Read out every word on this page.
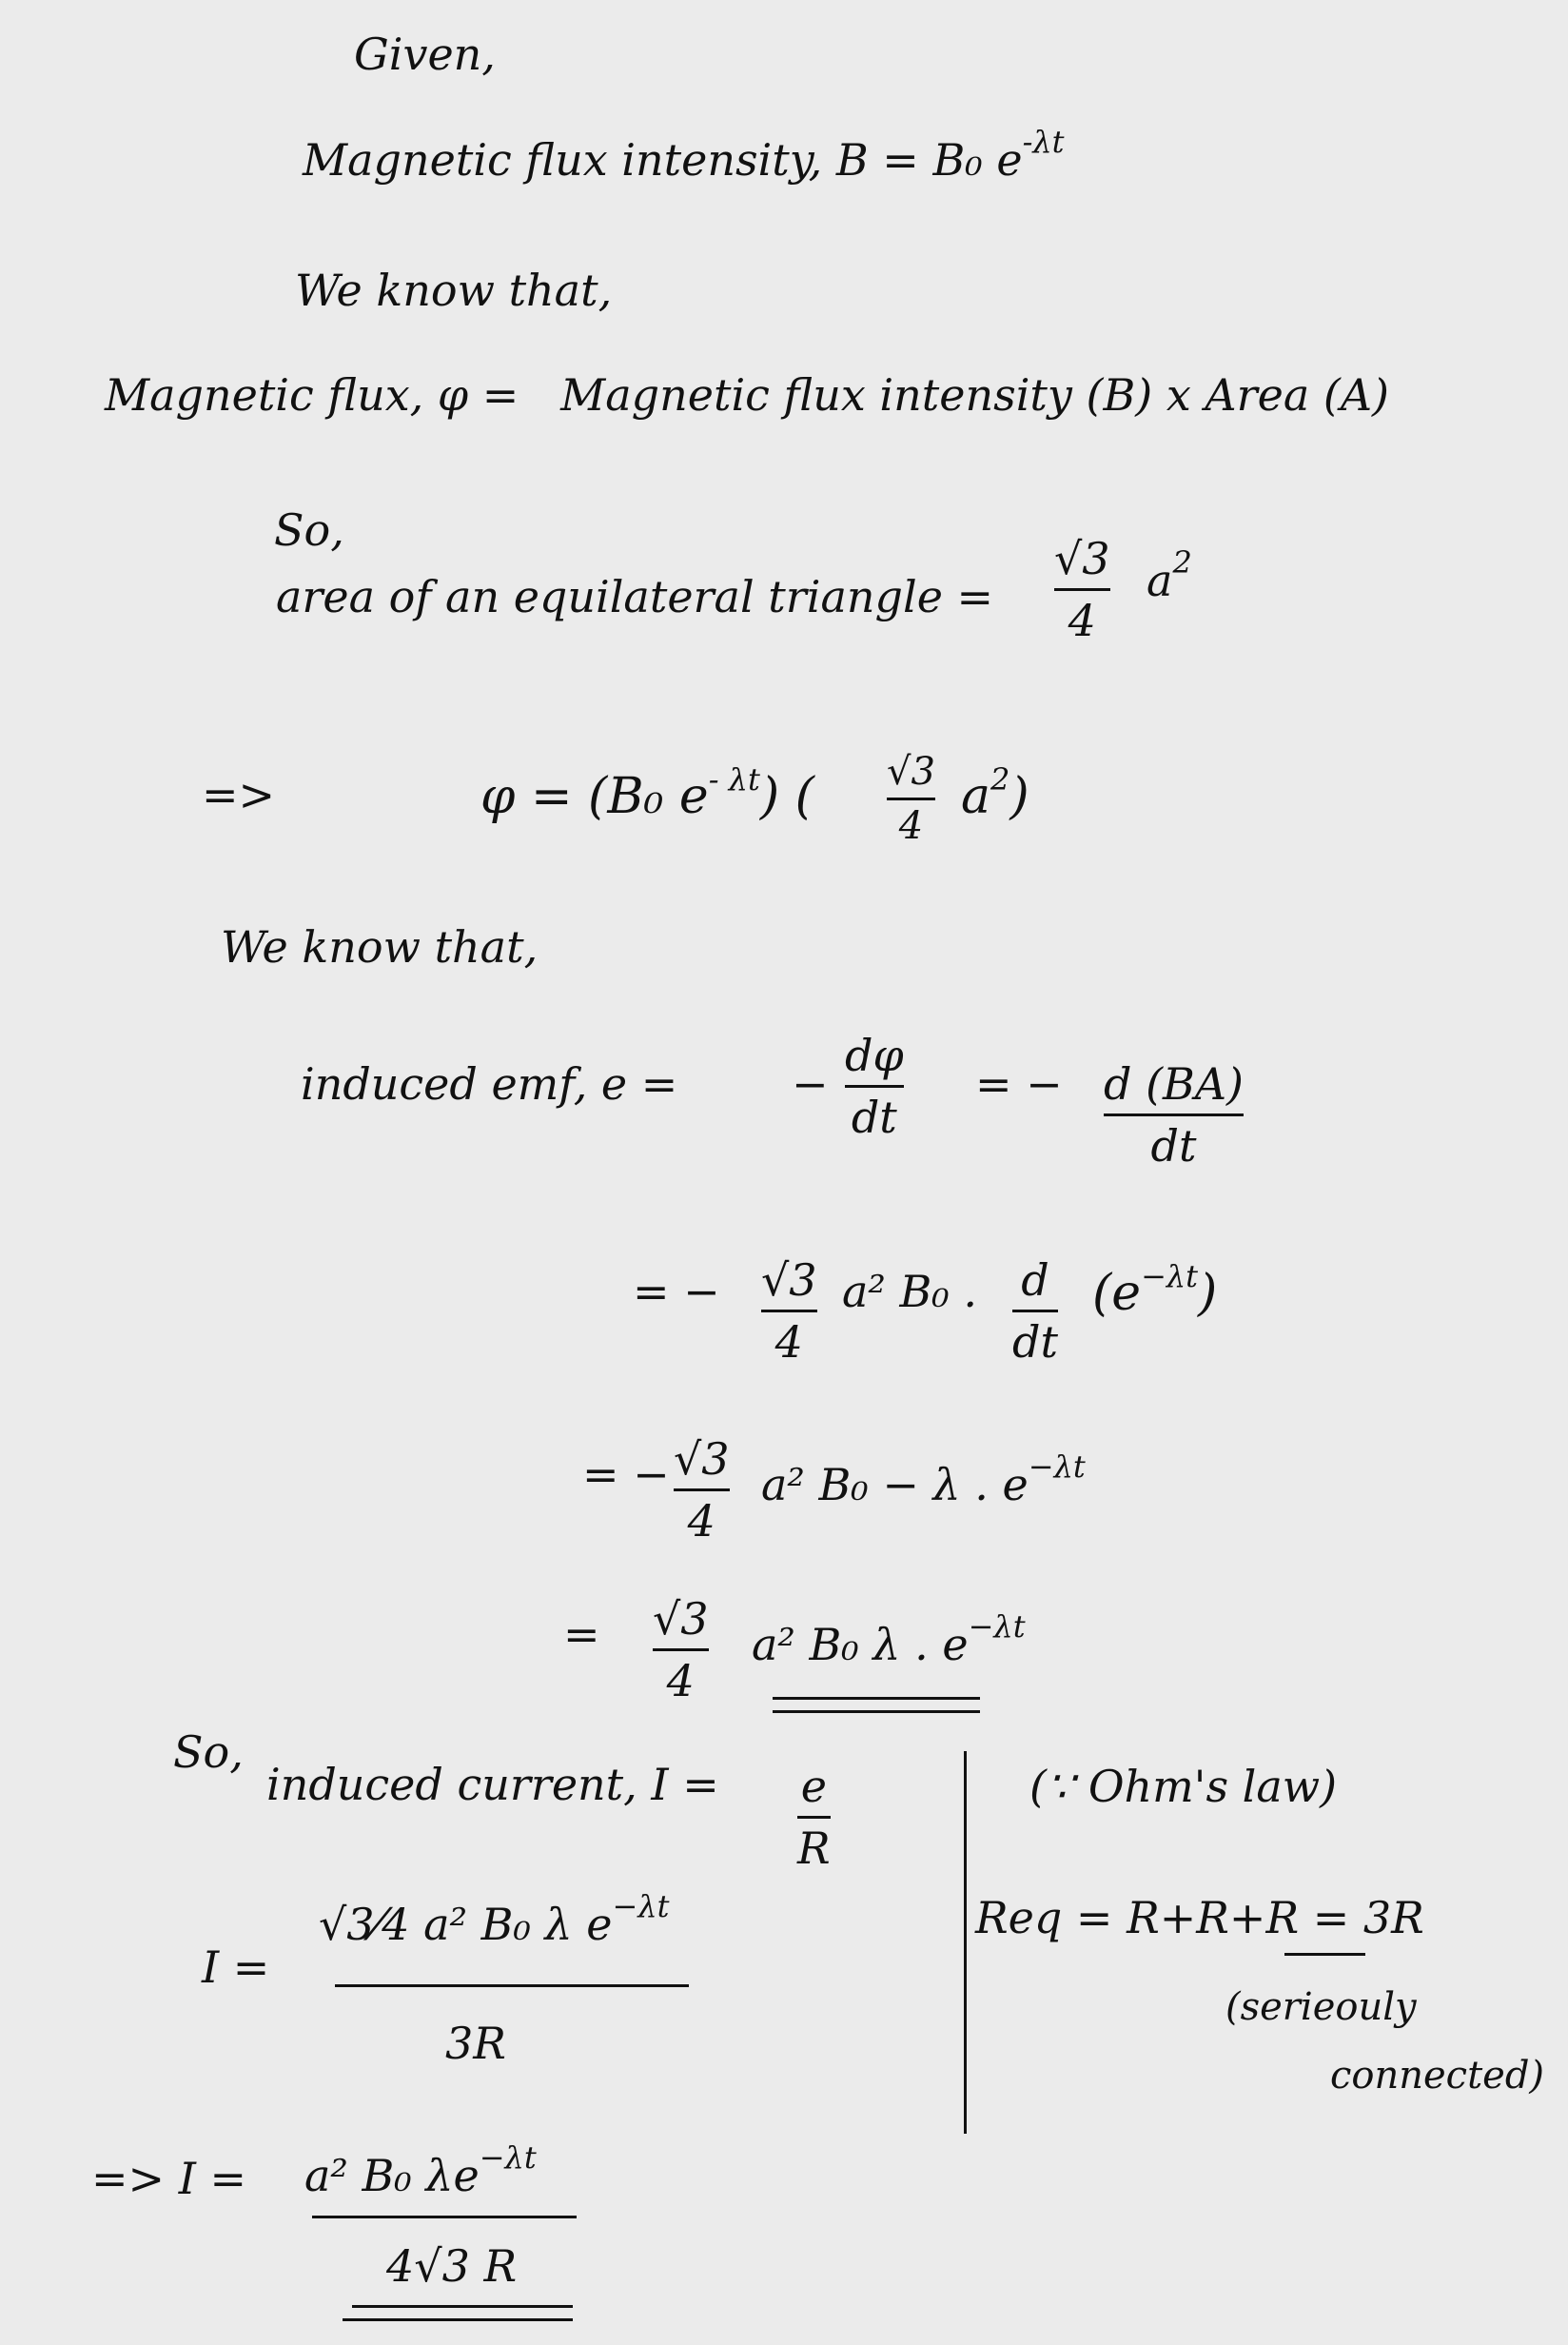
Given,
Magnetic flux intensity, B = B₀ $e^{-\lambda t}$
We know that,
Magnetic flux, φ = Magnetic flux intensity (B) x Area (A)
So,
area of an equilateral triangle =
√3
4
$a^2$
=>	φ = (B₀ $e^{- \lambda t}$) ( √3
4
$a^2$)
We know that,
induced emf, e =	−
dφ
dt
= − d (BA)
dt
= − √3
4
a² B₀ . d
dt
$(e^{-\lambda t})$
= − √3
4
a² B₀ − λ . $e^{-\lambda t}$
= √3
4
a² B₀ λ . $e^{-\lambda t}$
So,
induced current, I = e
R
(∵ Ohm's law)
Req = R+R+R = 3R
(serieouly
connected)
I =
√3⁄4 a² B₀ λ $e^{-\lambda t}$
3R
=> I = a² B₀ $\lambda e^{-\lambda t}$
4√3 R
